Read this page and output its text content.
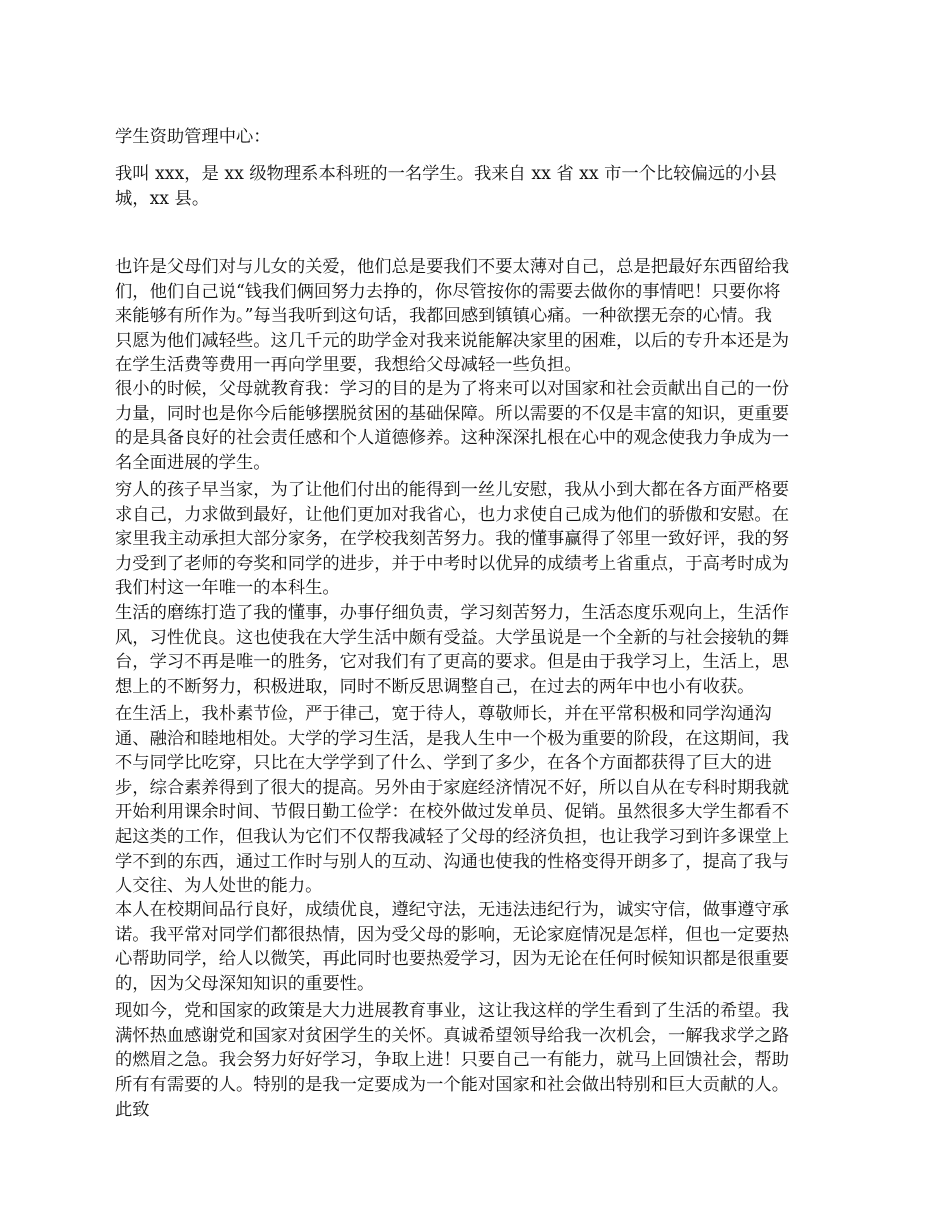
学生资助管理中心：

我叫 xxx，是 xx 级物理系本科班的一名学生。我来自 xx 省 xx 市一个比较偏远的小县
城，xx 县。

也许是父母们对与儿女的关爱，他们总是要我们不要太薄对自己，总是把最好东西留给我
们，他们自己说“钱我们俩回努力去挣的，你尽管按你的需要去做你的事情吧！只要你将
来能够有所作为。”每当我听到这句话，我都回感到镇镇心痛。一种欲摆无奈的心情。我
只愿为他们减轻些。这几千元的助学金对我来说能解决家里的困难，以后的专升本还是为
在学生活费等费用一再向学里要，我想给父母减轻一些负担。

很小的时候，父母就教育我：学习的目的是为了将来可以对国家和社会贡献出自己的一份
力量，同时也是你今后能够摆脱贫困的基础保障。所以需要的不仅是丰富的知识，更重要
的是具备良好的社会责任感和个人道德修养。这种深深扎根在心中的观念使我力争成为一
名全面进展的学生。

穷人的孩子早当家，为了让他们付出的能得到一丝儿安慰，我从小到大都在各方面严格要
求自己，力求做到最好，让他们更加对我省心，也力求使自己成为他们的骄傲和安慰。在
家里我主动承担大部分家务，在学校我刻苦努力。我的懂事赢得了邻里一致好评，我的努
力受到了老师的夸奖和同学的进步，并于中考时以优异的成绩考上省重点，于高考时成为
我们村这一年唯一的本科生。

生活的磨练打造了我的懂事，办事仔细负责，学习刻苦努力，生活态度乐观向上，生活作
风，习性优良。这也使我在大学生活中颇有受益。大学虽说是一个全新的与社会接轨的舞
台，学习不再是唯一的胜务，它对我们有了更高的要求。但是由于我学习上，生活上，思
想上的不断努力，积极进取，同时不断反思调整自己，在过去的两年中也小有收获。

在生活上，我朴素节俭，严于律己，宽于待人，尊敬师长，并在平常积极和同学沟通沟
通、融洽和睦地相处。大学的学习生活，是我人生中一个极为重要的阶段，在这期间，我
不与同学比吃穿，只比在大学学到了什么、学到了多少，在各个方面都获得了巨大的进
步，综合素养得到了很大的提高。另外由于家庭经济情况不好，所以自从在专科时期我就
开始利用课余时间、节假日勤工俭学：在校外做过发单员、促销。虽然很多大学生都看不
起这类的工作，但我认为它们不仅帮我减轻了父母的经济负担，也让我学习到许多课堂上
学不到的东西，通过工作时与别人的互动、沟通也使我的性格变得开朗多了，提高了我与
人交往、为人处世的能力。

本人在校期间品行良好，成绩优良，遵纪守法，无违法违纪行为，诚实守信，做事遵守承
诺。我平常对同学们都很热情，因为受父母的影响，无论家庭情况是怎样，但也一定要热
心帮助同学，给人以微笑，再此同时也要热爱学习，因为无论在任何时候知识都是很重要
的，因为父母深知知识的重要性。

现如今，党和国家的政策是大力进展教育事业，这让我这样的学生看到了生活的希望。我
满怀热血感谢党和国家对贫困学生的关怀。真诚希望领导给我一次机会，一解我求学之路
的燃眉之急。我会努力好好学习，争取上进！只要自己一有能力，就马上回馈社会，帮助
所有有需要的人。特别的是我一定要成为一个能对国家和社会做出特别和巨大贡献的人。

此致
